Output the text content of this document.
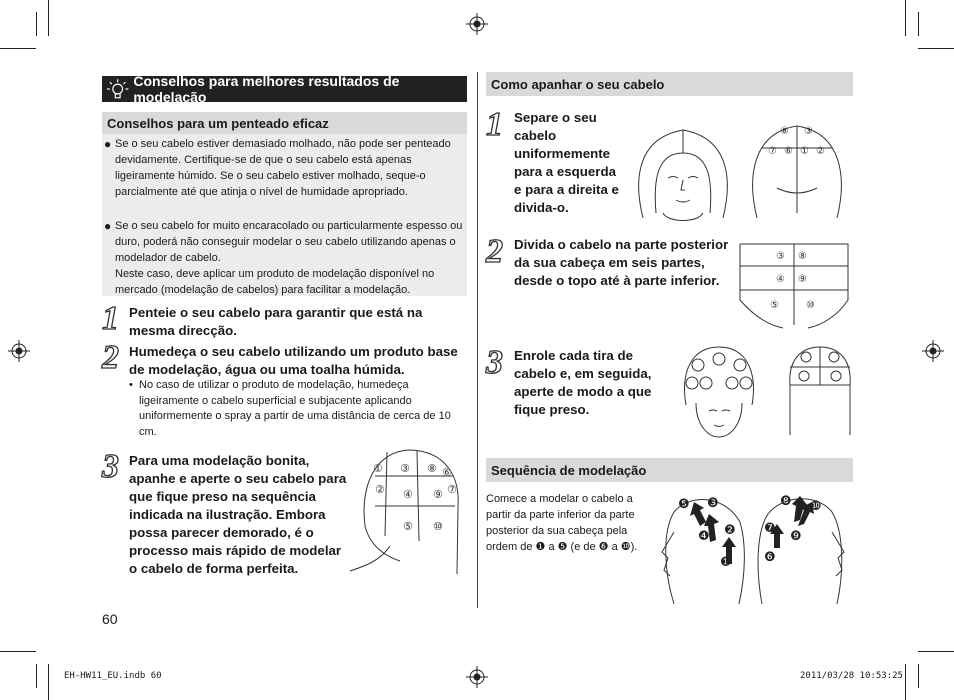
Conselhos para melhores resultados de modelação
Conselhos para um penteado eficaz
● Se o seu cabelo estiver demasiado molhado, não pode ser penteado devidamente. Certifique-se de que o seu cabelo está apenas ligeiramente húmido. Se o seu cabelo estiver molhado, seque-o parcialmente até que atinja o nível de humidade apropriado.
● Se o seu cabelo for muito encaracolado ou particularmente espesso ou duro, poderá não conseguir modelar o seu cabelo utilizando apenas o modelador de cabelo.
Neste caso, deve aplicar um produto de modelação disponível no mercado (modelação de cabelos) para facilitar a modelação.
1 Penteie o seu cabelo para garantir que está na mesma direcção.
2 Humedeça o seu cabelo utilizando um produto base de modelação, água ou uma toalha húmida.
• No caso de utilizar o produto de modelação, humedeça ligeiramente o cabelo superficial e subjacente aplicando uniformemente o spray a partir de uma distância de cerca de 10 cm.
3 Para uma modelação bonita, apanhe e aperte o seu cabelo para que fique preso na sequência indicada na ilustração. Embora possa parecer demorado, é o processo mais rápido de modelar o cabelo de forma perfeita.
① ③ ⑧ ⑥
② ④ ⑨ ⑦
⑤ ⑩
60
Como apanhar o seu cabelo
1 Separe o seu cabelo uniformemente para a esquerda e para a direita e divida-o.
⑧ ③
⑦ ⑥ ① ②
2 Divida o cabelo na parte posterior da sua cabeça em seis partes, desde o topo até à parte inferior.
③ ⑧
④ ⑨
⑤	⑩
3 Enrole cada tira de cabelo e, em seguida, aperte de modo a que fique preso.
Sequência de modelação
Comece a modelar o cabelo a partir da parte inferior da parte posterior da sua cabeça pela ordem de ❶ a ❺ (e de ❻ a ❿).
❶
❷
❸
❹
❺
❻
❼
❽
❾
❿
EH-HW11_EU.indb 60	2011/03/28 10:53:25
